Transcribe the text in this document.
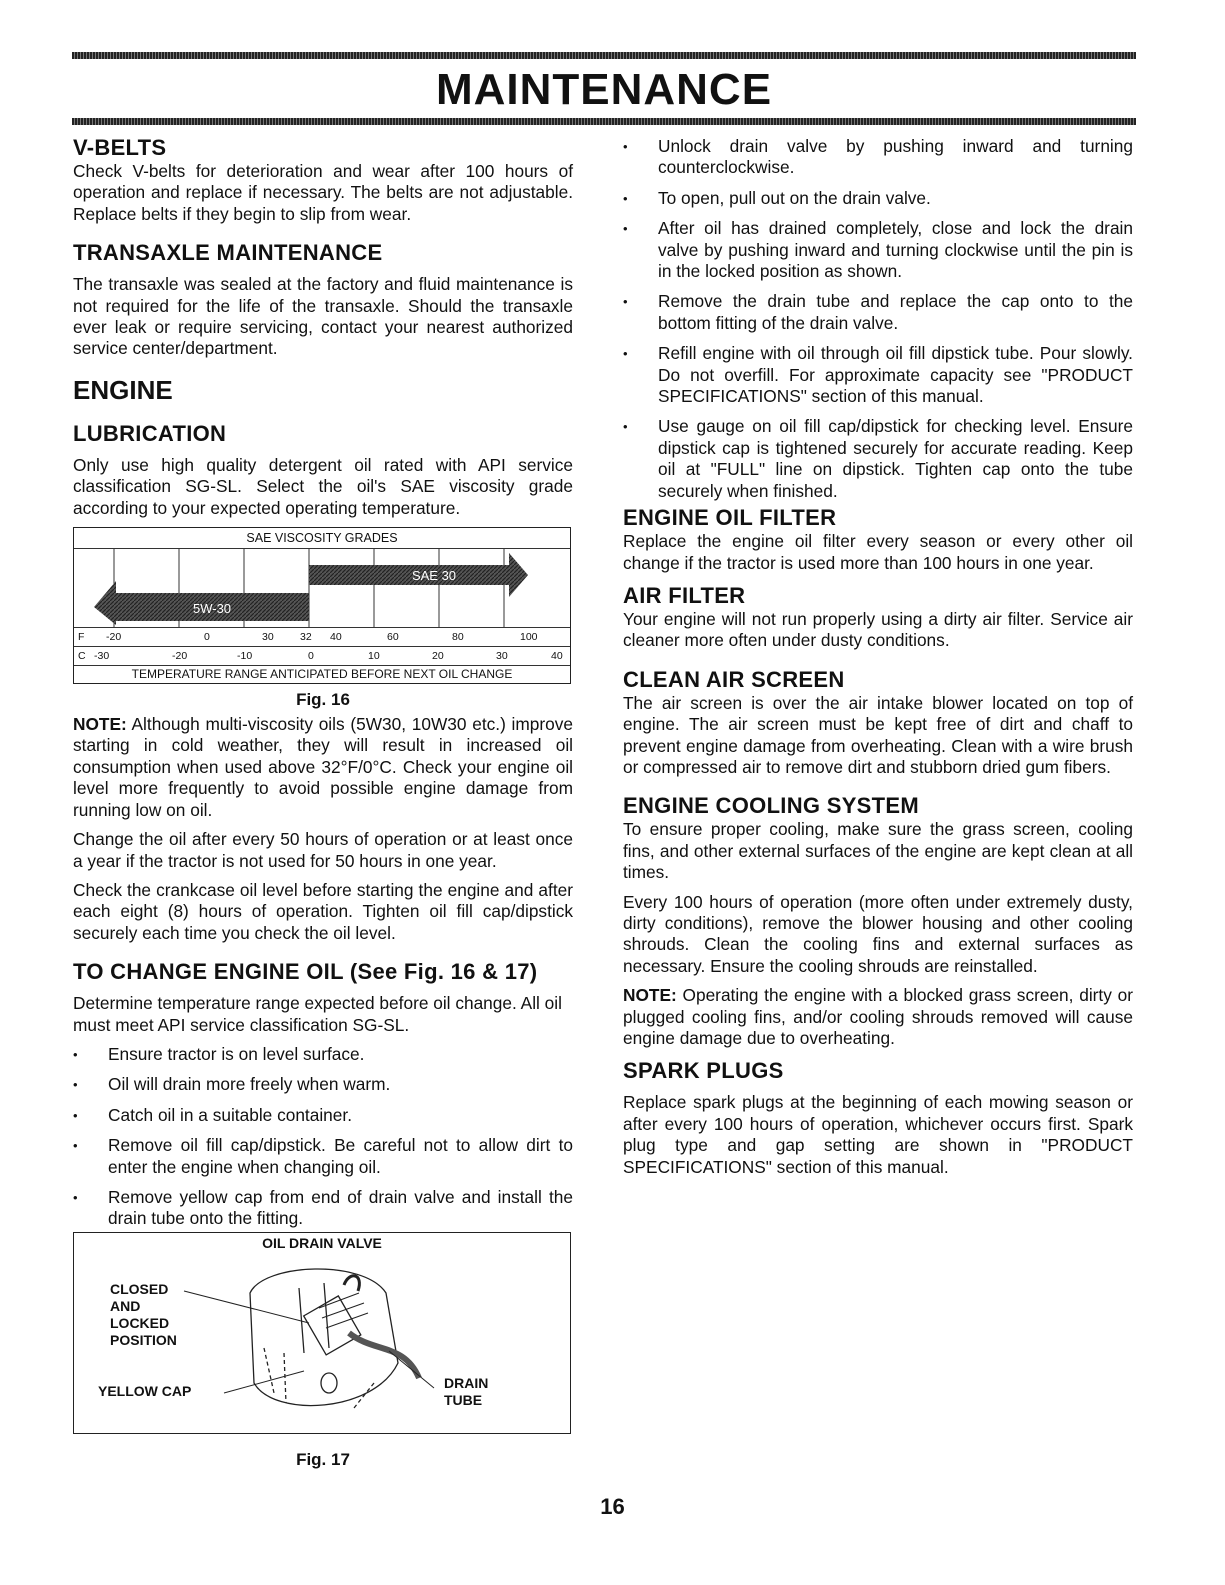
MAINTENANCE
V-BELTS

Check V-belts for deterioration and wear after 100 hours of operation and replace if necessary. The belts are not adjustable. Replace belts if they begin to slip from wear.

TRANSAXLE MAINTENANCE

The transaxle was sealed at the factory and fluid maintenance is not required for the life of the transaxle. Should the transaxle ever leak or require servicing, contact your nearest authorized service center/department.

ENGINE
LUBRICATION

Only use high quality detergent oil rated with API service classification SG-SL. Select the oil's SAE viscosity grade according to your expected operating temperature.

SAE VISCOSITY GRADES
SAE 30
5W-30
F -20	0	30	32 40	60	80	100
C -30	-20	-10	0	10	20	30	40
TEMPERATURE RANGE ANTICIPATED BEFORE NEXT OIL CHANGE
Fig. 16

NOTE: Although multi-viscosity oils (5W30, 10W30 etc.) improve starting in cold weather, they will result in increased oil consumption when used above 32°F/0°C. Check your engine oil level more frequently to avoid possible engine damage from running low on oil.

Change the oil after every 50 hours of operation or at least once a year if the tractor is not used for 50 hours in one year.

Check the crankcase oil level before starting the engine and after each eight (8) hours of operation. Tighten oil fill cap/dipstick securely each time you check the oil level.

TO CHANGE ENGINE OIL (See Fig. 16 & 17)

Determine temperature range expected before oil change. All oil must meet API service classification SG-SL.

• Ensure tractor is on level surface.
• Oil will drain more freely when warm.
• Catch oil in a suitable container.
• Remove oil fill cap/dipstick. Be careful not to allow dirt to enter the engine when changing oil.
• Remove yellow cap from end of drain valve and install the drain tube onto the fitting.
OIL DRAIN VALVE
CLOSED
AND
LOCKED
POSITION
YELLOW CAP	DRAIN
TUBE
Fig. 17
• Unlock drain valve by pushing inward and turning counterclockwise.
• To open, pull out on the drain valve.
• After oil has drained completely, close and lock the drain valve by pushing inward and turning clockwise until the pin is in the locked position as shown.
• Remove the drain tube and replace the cap onto to the bottom fitting of the drain valve.
• Refill engine with oil through oil fill dipstick tube. Pour slowly. Do not overfill. For approximate capacity see "PRODUCT SPECIFICATIONS" section of this manual.
• Use gauge on oil fill cap/dipstick for checking level. Ensure dipstick cap is tightened securely for accurate reading. Keep oil at "FULL" line on dipstick. Tighten cap onto the tube securely when finished.
ENGINE OIL FILTER

Replace the engine oil filter every season or every other oil change if the tractor is used more than 100 hours in one year.

AIR FILTER

Your engine will not run properly using a dirty air filter. Service air cleaner more often under dusty conditions.

CLEAN AIR SCREEN

The air screen is over the air intake blower located on top of engine. The air screen must be kept free of dirt and chaff to prevent engine damage from overheating. Clean with a wire brush or compressed air to remove dirt and stubborn dried gum fibers.

ENGINE COOLING SYSTEM

To ensure proper cooling, make sure the grass screen, cooling fins, and other external surfaces of the engine are kept clean at all times.

Every 100 hours of operation (more often under extremely dusty, dirty conditions), remove the blower housing and other cooling shrouds. Clean the cooling fins and external surfaces as necessary. Ensure the cooling shrouds are reinstalled.

NOTE: Operating the engine with a blocked grass screen, dirty or plugged cooling fins, and/or cooling shrouds removed will cause engine damage due to overheating.

SPARK PLUGS

Replace spark plugs at the beginning of each mowing season or after every 100 hours of operation, whichever occurs first. Spark plug type and gap setting are shown in "PRODUCT SPECIFICATIONS" section of this manual.

16
